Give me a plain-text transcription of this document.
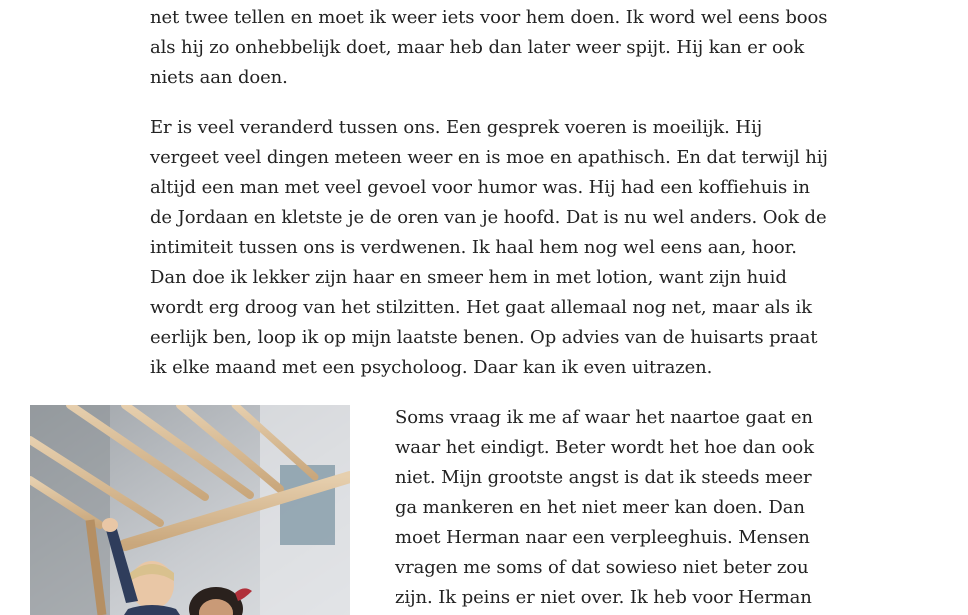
net twee tellen en moet ik weer iets voor hem doen. Ik word wel eens boos
als hij zo onhebbelijk doet, maar heb dan later weer spijt. Hij kan er ook
niets aan doen.

Er is veel veranderd tussen ons. Een gesprek voeren is moeilijk. Hij
vergeet veel dingen meteen weer en is moe en apathisch. En dat terwijl hij
altijd een man met veel gevoel voor humor was. Hij had een koffiehuis in
de Jordaan en kletste je de oren van je hoofd. Dat is nu wel anders. Ook de
intimiteit tussen ons is verdwenen. Ik haal hem nog wel eens aan, hoor.
Dan doe ik lekker zijn haar en smeer hem in met lotion, want zijn huid
wordt erg droog van het stilzitten. Het gaat allemaal nog net, maar als ik
eerlijk ben, loop ik op mijn laatste benen. Op advies van de huisarts praat
ik elke maand met een psycholoog. Daar kan ik even uitrazen.

Soms vraag ik me af waar het naartoe gaat en
waar het eindigt. Beter wordt het hoe dan ook
niet. Mijn grootste angst is dat ik steeds meer
ga mankeren en het niet meer kan doen. Dan
moet Herman naar een verpleeghuis. Mensen
vragen me soms of dat sowieso niet beter zou
zijn. Ik peins er niet over. Ik heb voor Herman
